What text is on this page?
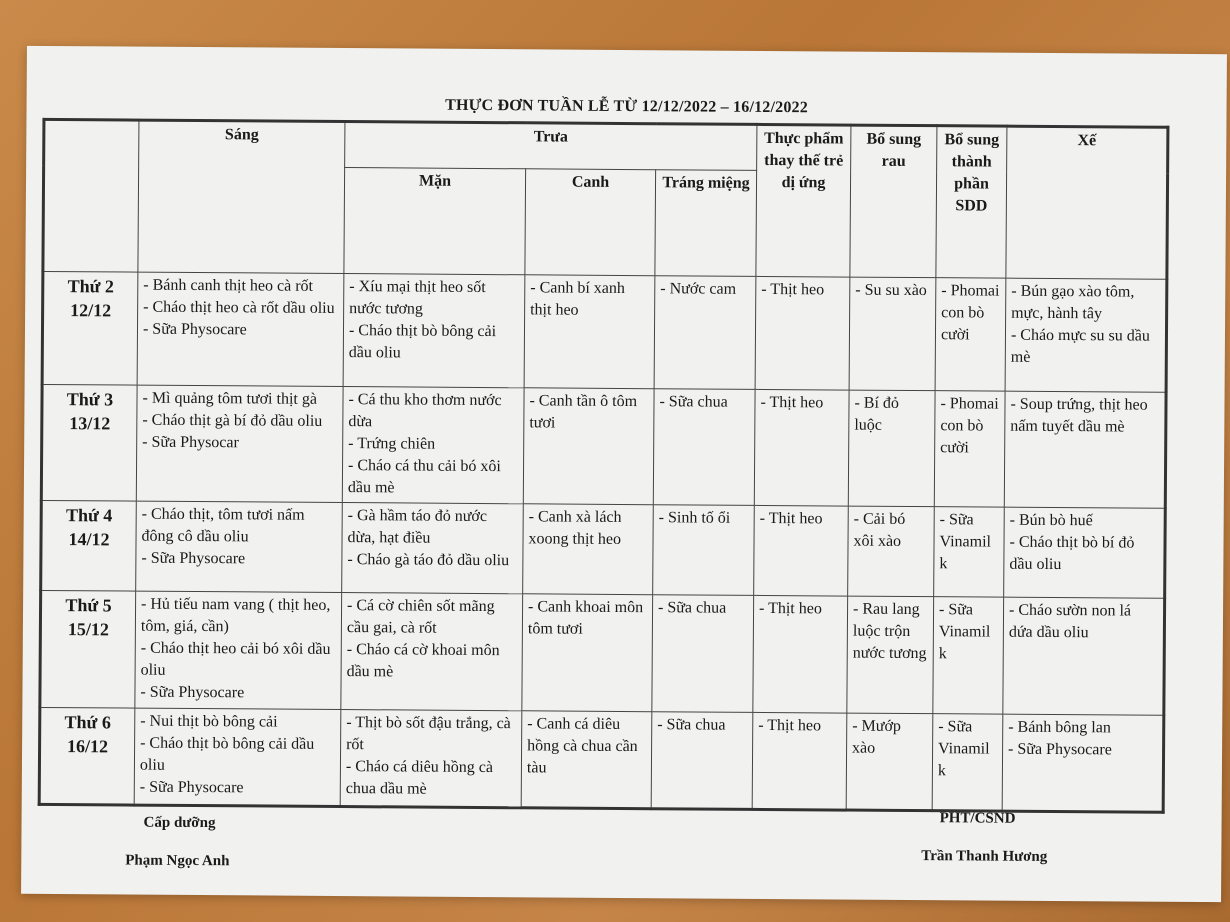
THỰC ĐƠN TUẦN LỄ TỪ 12/12/2022 – 16/12/2022
	Sáng	Trưa			Thực phẩm thay thế trẻ dị ứng	Bổ sung rau	Bổ sung thành phần SDD	Xế
		Mặn	Canh	Tráng miệng				

Thứ 2
12/12	- Bánh canh thịt heo cà rốt
- Cháo thịt heo cà rốt dầu oliu
- Sữa Physocare	- Xíu mại thịt heo sốt nước tương
- Cháo thịt bò bông cải dầu oliu	- Canh bí xanh thịt heo	- Nước cam	- Thịt heo	- Su su xào	- Phomai con bò cười	- Bún gạo xào tôm, mực, hành tây
- Cháo mực su su dầu mè

Thứ 3
13/12	- Mì quảng tôm tươi thịt gà
- Cháo thịt gà bí đỏ dầu oliu
- Sữa Physocar	- Cá thu kho thơm nước dừa
- Trứng chiên
- Cháo cá thu cải bó xôi dầu mè	- Canh tần ô tôm tươi	- Sữa chua	- Thịt heo	- Bí đỏ luộc	- Phomai con bò cười	- Soup trứng, thịt heo nấm tuyết dầu mè

Thứ 4
14/12	- Cháo thịt, tôm tươi nấm đông cô dầu oliu
- Sữa Physocare	- Gà hầm táo đỏ nước dừa, hạt điều
- Cháo gà táo đỏ dầu oliu	- Canh xà lách xoong thịt heo	- Sinh tố ổi	- Thịt heo	- Cải bó xôi xào	- Sữa Vinamilk	- Bún bò huế
- Cháo thịt bò bí đỏ dầu oliu

Thứ 5
15/12	- Hủ tiếu nam vang ( thịt heo, tôm, giá, cần)
- Cháo thịt heo cải bó xôi dầu oliu
- Sữa Physocare	- Cá cờ chiên sốt mãng cầu gai, cà rốt
- Cháo cá cờ khoai môn dầu mè	- Canh khoai môn tôm tươi	- Sữa chua	- Thịt heo	- Rau lang luộc trộn nước tương	- Sữa Vinamilk	- Cháo sườn non lá dứa dầu oliu

Thứ 6
16/12	- Nui thịt bò bông cải
- Cháo thịt bò bông cải dầu oliu
- Sữa Physocare	- Thịt bò sốt đậu trắng, cà rốt
- Cháo cá diêu hồng cà chua dầu mè	- Canh cá diêu hồng cà chua cần tàu	- Sữa chua	- Thịt heo	- Mướp xào	- Sữa Vinamilk	- Bánh bông lan
- Sữa Physocare
Cấp dưỡng
Phạm Ngọc Anh
PHT/CSND
Trần Thanh Hương
